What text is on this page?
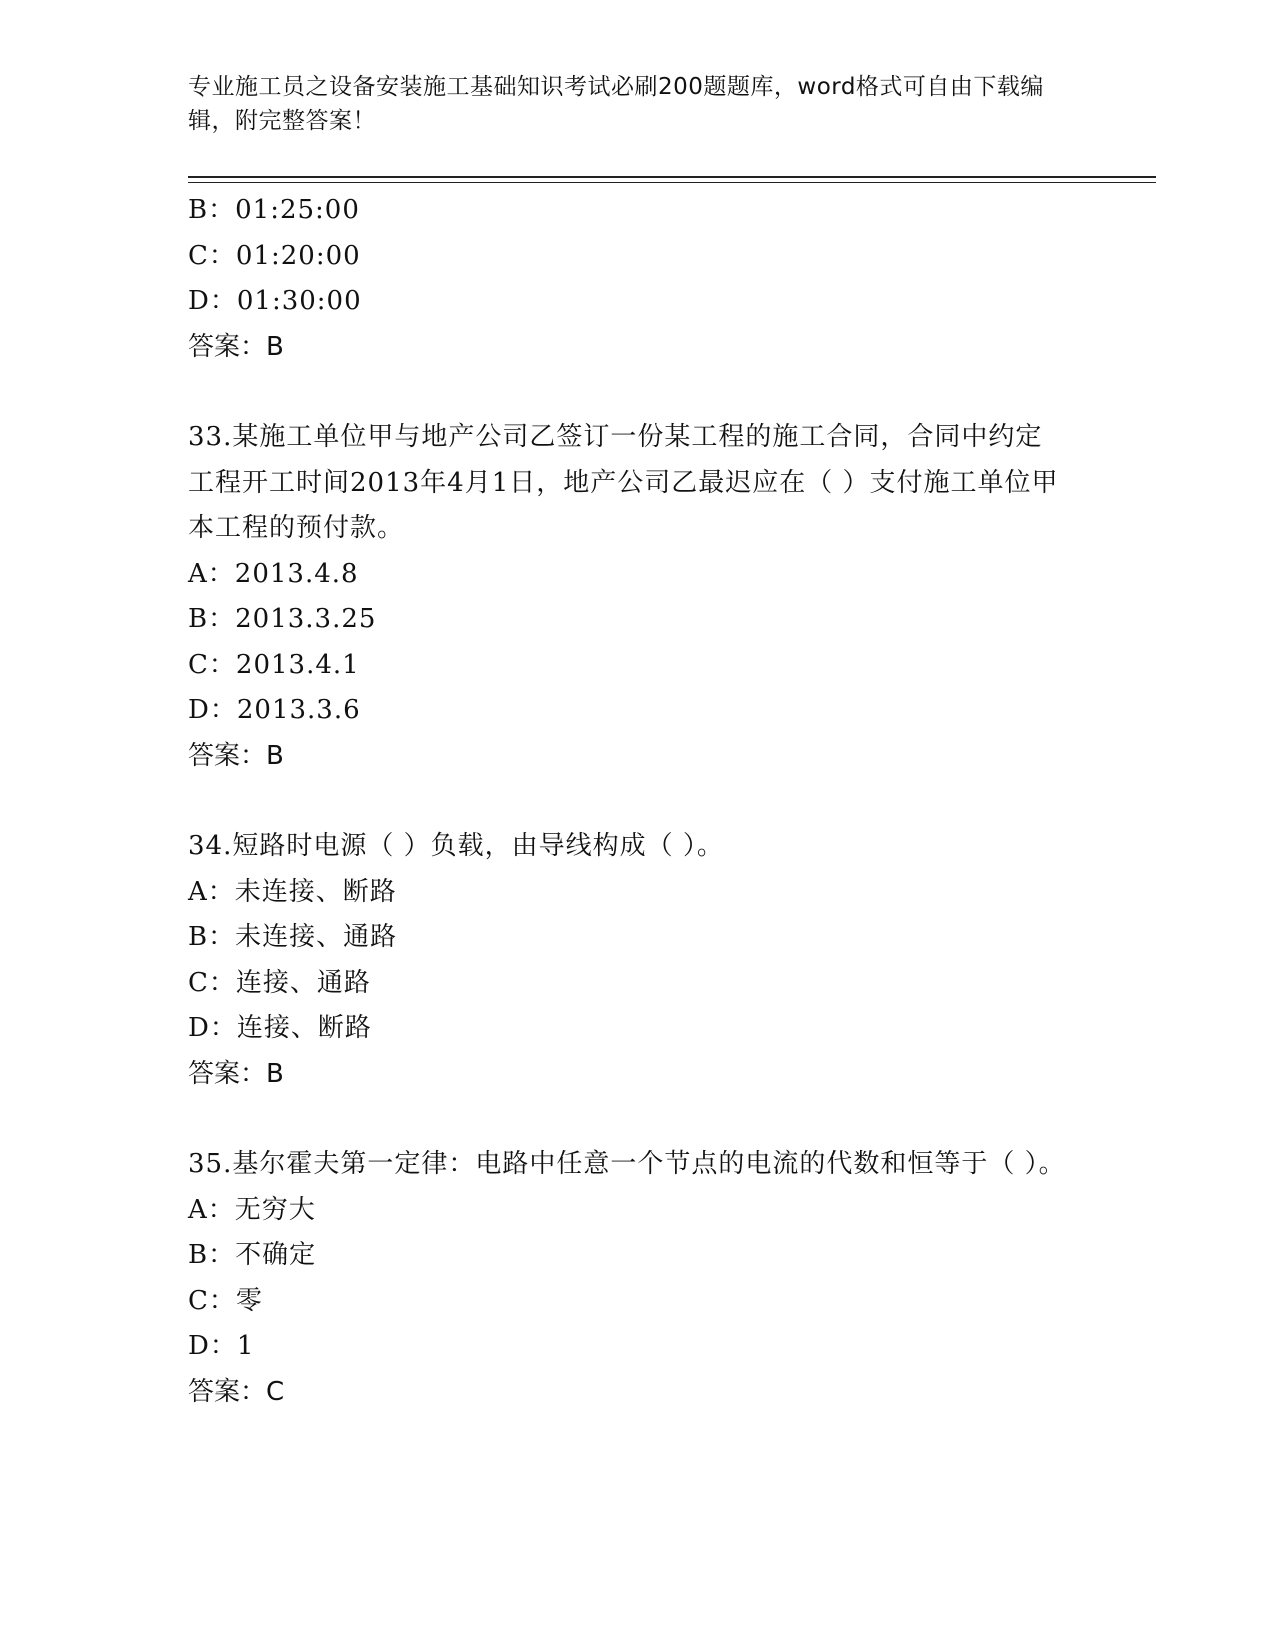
专业施工员之设备安装施工基础知识考试必刷200题题库，word格式可自由下载编辑，附完整答案！
B：01:25:00
C：01:20:00
D：01:30:00
答案：B
33.某施工单位甲与地产公司乙签订一份某工程的施工合同，合同中约定工程开工时间2013年4月1日，地产公司乙最迟应在（ ）支付施工单位甲本工程的预付款。
A：2013.4.8
B：2013.3.25
C：2013.4.1
D：2013.3.6
答案：B
34.短路时电源（ ）负载，由导线构成（ ）。
A：未连接、断路
B：未连接、通路
C：连接、通路
D：连接、断路
答案：B
35.基尔霍夫第一定律：电路中任意一个节点的电流的代数和恒等于（ ）。
A：无穷大
B：不确定
C：零
D：1
答案：C
